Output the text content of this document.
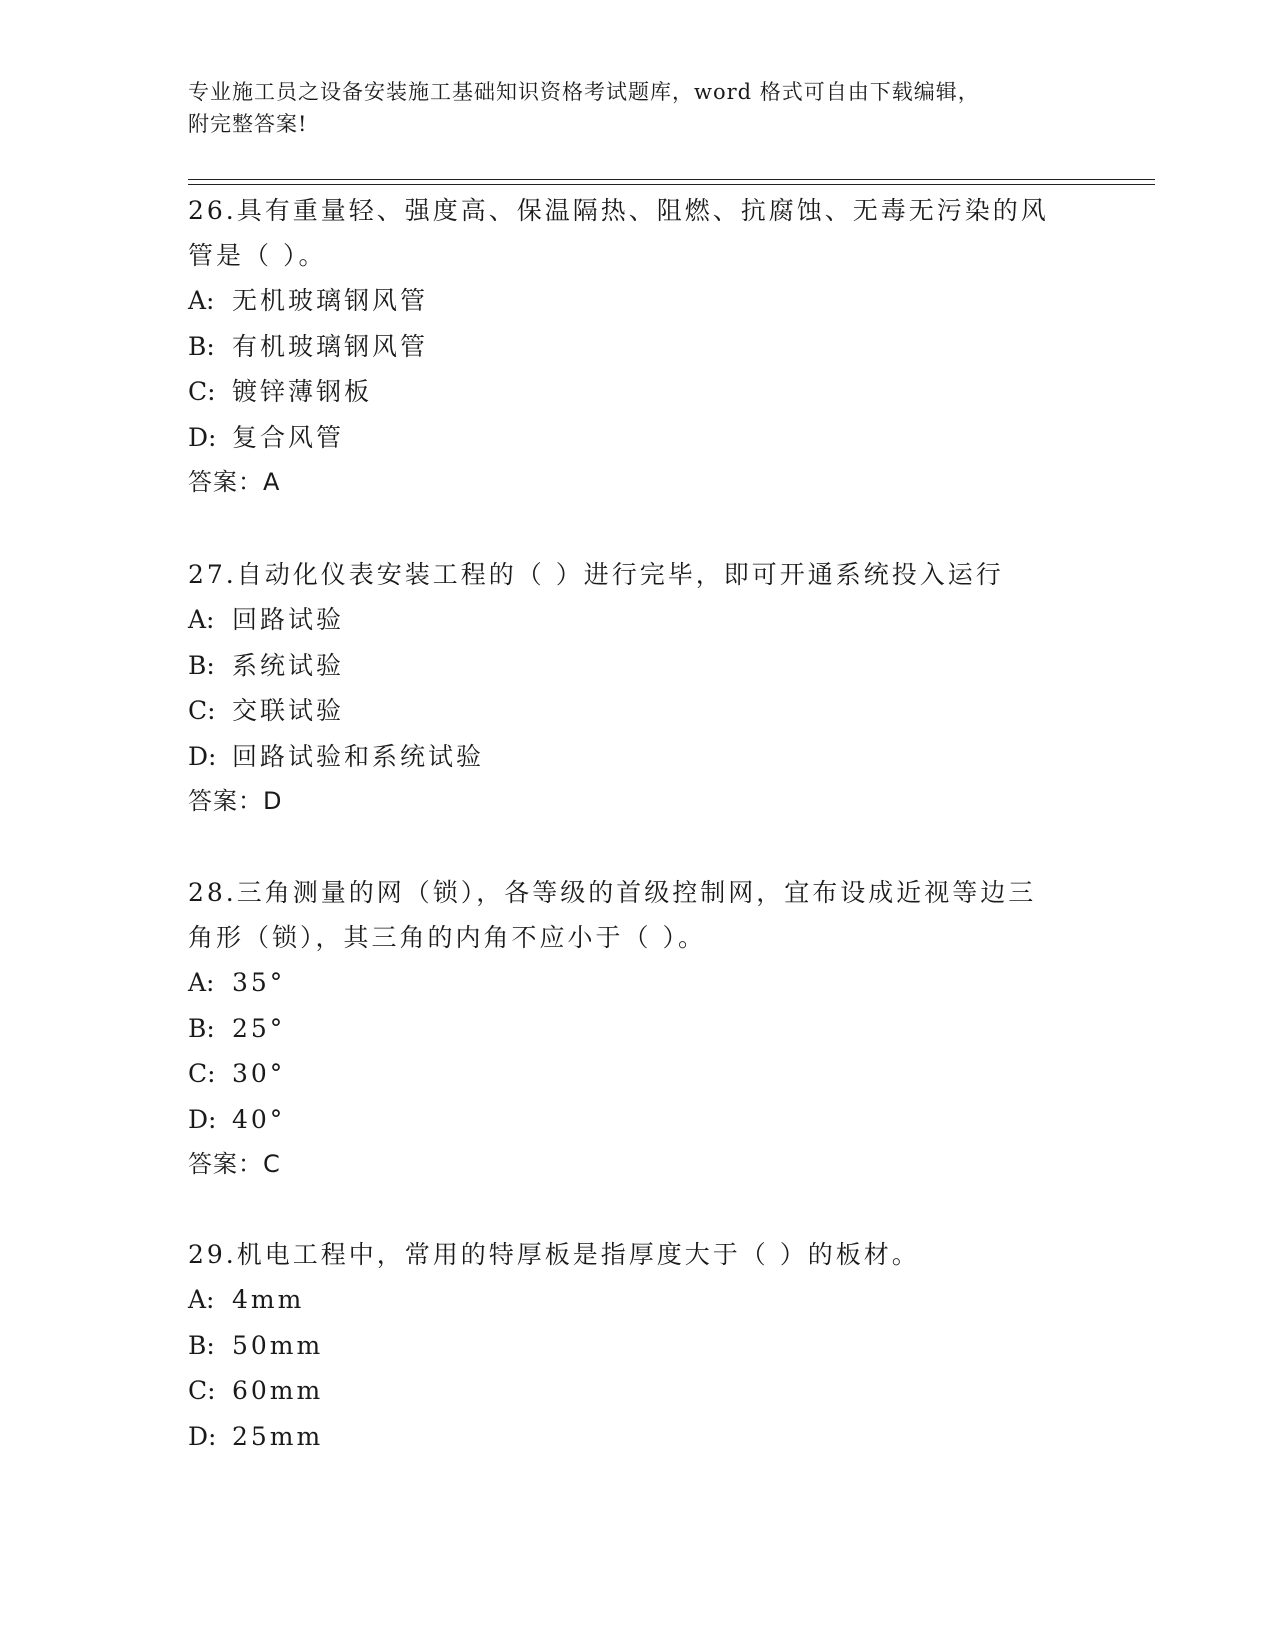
专业施工员之设备安装施工基础知识资格考试题库，word 格式可自由下载编辑，
附完整答案!
26.具有重量轻、强度高、保温隔热、阻燃、抗腐蚀、无毒无污染的风
管是（ ）。
A: 无机玻璃钢风管
B: 有机玻璃钢风管
C: 镀锌薄钢板
D: 复合风管
答案：A
27.自动化仪表安装工程的（ ）进行完毕，即可开通系统投入运行
A: 回路试验
B: 系统试验
C: 交联试验
D: 回路试验和系统试验
答案：D
28.三角测量的网（锁），各等级的首级控制网，宜布设成近视等边三
角形（锁），其三角的内角不应小于（ ）。
A: 35°
B: 25°
C: 30°
D: 40°
答案：C
29.机电工程中，常用的特厚板是指厚度大于（ ）的板材。
A: 4mm
B: 50mm
C: 60mm
D: 25mm
